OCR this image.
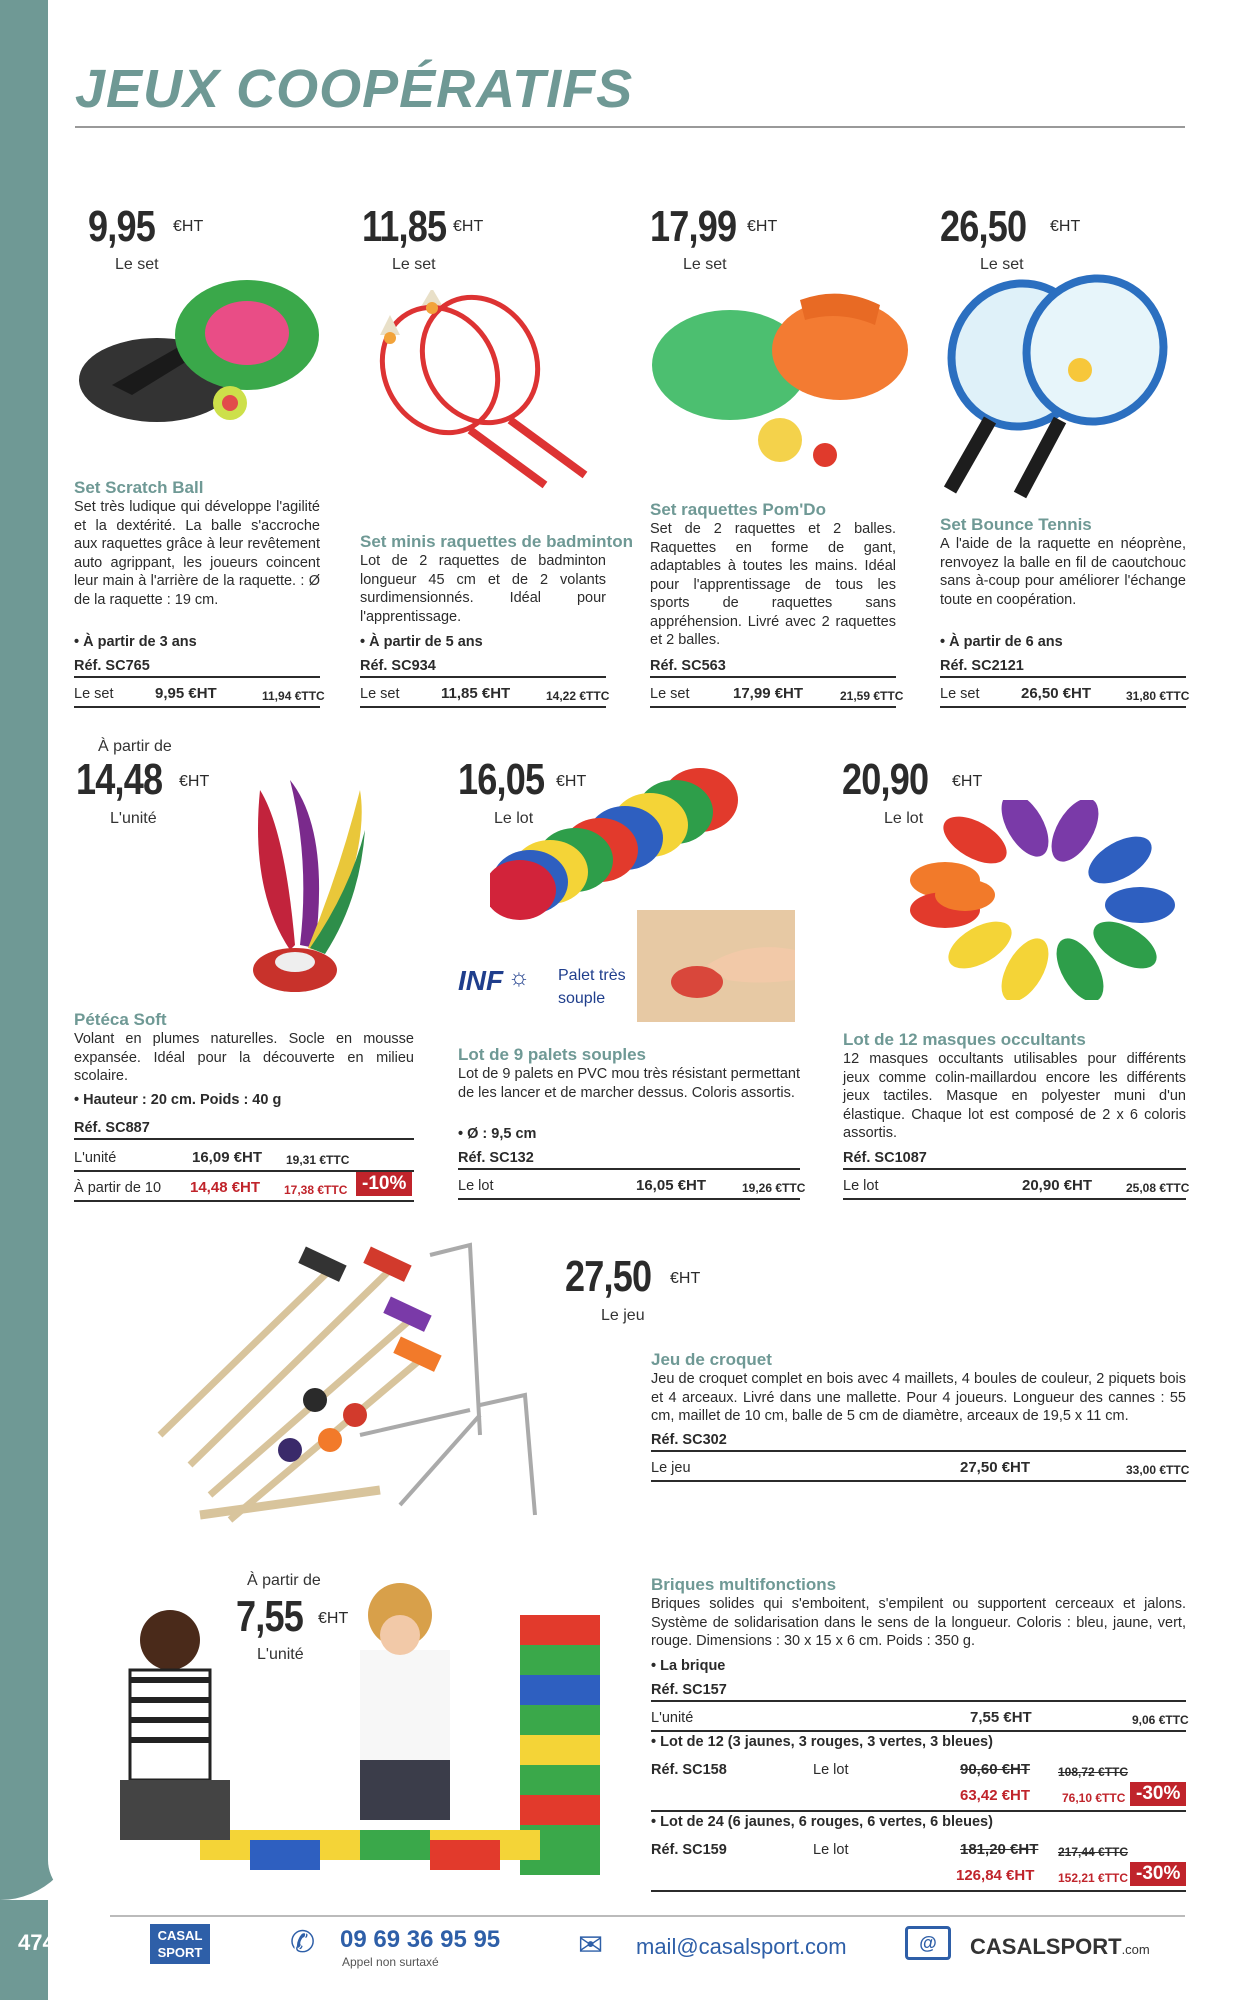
JEUX COOPÉRATIFS
9,95 €HT
Le set
Set Scratch Ball
Set très ludique qui développe l'agilité et la dextérité. La balle s'accroche aux raquettes grâce à leur revêtement auto agrippant, les joueurs coincent leur main à l'arrière de la raquette. : Ø de la raquette : 19 cm.
• À partir de 3 ans
Réf. SC765
Le set	9,95 €HT	11,94 €TTC
11,85 €HT
Le set
Set minis raquettes de badminton
Lot de 2 raquettes de badminton longueur 45 cm et de 2 volants surdimensionnés. Idéal pour l'apprentissage.
• À partir de 5 ans
Réf. SC934
Le set	11,85 €HT	14,22 €TTC
17,99 €HT
Le set
Set raquettes Pom'Do
Set de 2 raquettes et 2 balles. Raquettes en forme de gant, adaptables à toutes les mains. Idéal pour l'apprentissage de tous les sports de raquettes sans appréhension. Livré avec 2 raquettes et 2 balles.
Réf. SC563
Le set	17,99 €HT	21,59 €TTC
26,50 €HT
Le set
Set Bounce Tennis
A l'aide de la raquette en néoprène, renvoyez la balle en fil de caoutchouc sans à-coup pour améliorer l'échange toute en coopération.
• À partir de 6 ans
Réf. SC2121
Le set	26,50 €HT	31,80 €TTC
À partir de
14,48 €HT
L'unité
Pétéca Soft
Volant en plumes naturelles. Socle en mousse expansée. Idéal pour la découverte en milieu scolaire.
• Hauteur : 20 cm. Poids : 40 g
Réf. SC887
L'unité	16,09 €HT 19,31 €TTC
À partir de 10 14,48 €HT 17,38 €TTC -10%
16,05 €HT
Le lot
INF ☼ Palet très
souple
Lot de 9 palets souples
Lot de 9 palets en PVC mou très résistant permettant de les lancer et de marcher dessus. Coloris assortis.
• Ø : 9,5 cm
Réf. SC132
Le lot	16,05 €HT	19,26 €TTC
20,90 €HT
Le lot
Lot de 12 masques occultants
12 masques occultants utilisables pour différents jeux comme colin-maillardou encore les différents jeux tactiles. Masque en polyester muni d'un élastique. Chaque lot est composé de 2 x 6 coloris assortis.
Réf. SC1087
Le lot	20,90 €HT	25,08 €TTC
27,50 €HT
Le jeu
Jeu de croquet
Jeu de croquet complet en bois avec 4 maillets, 4 boules de couleur, 2 piquets bois et 4 arceaux. Livré dans une mallette. Pour 4 joueurs. Longueur des cannes : 55 cm, maillet de 10 cm, balle de 5 cm de diamètre, arceaux de 19,5 x 11 cm.
Réf. SC302
Le jeu	27,50 €HT	33,00 €TTC
À partir de
7,55 €HT
L'unité
Briques multifonctions
Briques solides qui s'emboitent, s'empilent ou supportent cerceaux et jalons. Système de solidarisation dans le sens de la longueur. Coloris : bleu, jaune, vert, rouge. Dimensions : 30 x 15 x 6 cm. Poids : 350 g.
• La brique
Réf. SC157
L'unité	7,55 €HT	9,06 €TTC
• Lot de 12 (3 jaunes, 3 rouges, 3 vertes, 3 bleues)
Réf. SC158	Le lot	90,60 €HT 108,72 €TTC
63,42 €HT	76,10 €TTC -30%
• Lot de 24 (6 jaunes, 6 rouges, 6 vertes, 6 bleues)
Réf. SC159	Le lot	181,20 €HT 217,44 €TTC
126,84 €HT 152,21 €TTC -30%
474	CASAL
SPORT	✆ 09 69 36 95 95
Appel non surtaxé	✉ mail@casalsport.com	@	CASALSPORT.com
